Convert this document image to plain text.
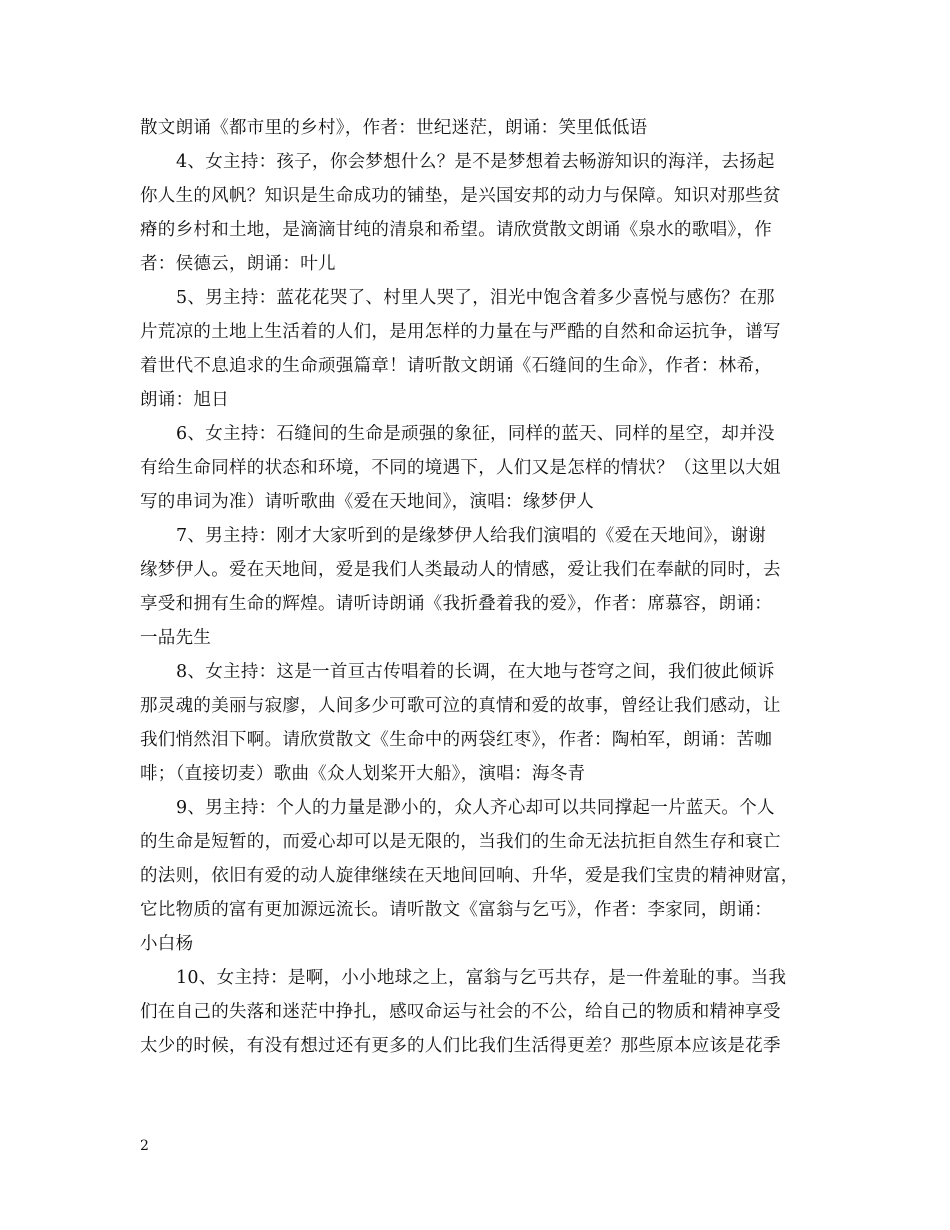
散文朗诵《都市里的乡村》，作者：世纪迷茫，朗诵：笑里低低语
4、女主持：孩子，你会梦想什么？是不是梦想着去畅游知识的海洋，去扬起
你人生的风帆？知识是生命成功的铺垫，是兴国安邦的动力与保障。知识对那些贫
瘠的乡村和土地，是滴滴甘纯的清泉和希望。请欣赏散文朗诵《泉水的歌唱》，作
者：侯德云，朗诵：叶儿
5、男主持：蓝花花哭了、村里人哭了，泪光中饱含着多少喜悦与感伤？在那
片荒凉的土地上生活着的人们，是用怎样的力量在与严酷的自然和命运抗争，谱写
着世代不息追求的生命顽强篇章！请听散文朗诵《石缝间的生命》，作者：林希，
朗诵：旭日
6、女主持：石缝间的生命是顽强的象征，同样的蓝天、同样的星空，却并没
有给生命同样的状态和环境，不同的境遇下，人们又是怎样的情状？（这里以大姐
写的串词为准）请听歌曲《爱在天地间》，演唱：缘梦伊人
7、男主持：刚才大家听到的是缘梦伊人给我们演唱的《爱在天地间》，谢谢
缘梦伊人。爱在天地间，爱是我们人类最动人的情感，爱让我们在奉献的同时，去
享受和拥有生命的辉煌。请听诗朗诵《我折叠着我的爱》，作者：席慕容，朗诵：
一品先生
8、女主持：这是一首亘古传唱着的长调，在大地与苍穹之间，我们彼此倾诉
那灵魂的美丽与寂廖，人间多少可歌可泣的真情和爱的故事，曾经让我们感动，让
我们悄然泪下啊。请欣赏散文《生命中的两袋红枣》，作者：陶柏军，朗诵：苦咖
啡；（直接切麦）歌曲《众人划桨开大船》，演唱：海冬青
9、男主持：个人的力量是渺小的，众人齐心却可以共同撑起一片蓝天。个人
的生命是短暂的，而爱心却可以是无限的，当我们的生命无法抗拒自然生存和衰亡
的法则，依旧有爱的动人旋律继续在天地间回响、升华，爱是我们宝贵的精神财富，
它比物质的富有更加源远流长。请听散文《富翁与乞丐》，作者：李家同，朗诵：
小白杨
10、女主持：是啊，小小地球之上，富翁与乞丐共存，是一件羞耻的事。当我
们在自己的失落和迷茫中挣扎，感叹命运与社会的不公，给自己的物质和精神享受
太少的时候，有没有想过还有更多的人们比我们生活得更差？那些原本应该是花季
2
